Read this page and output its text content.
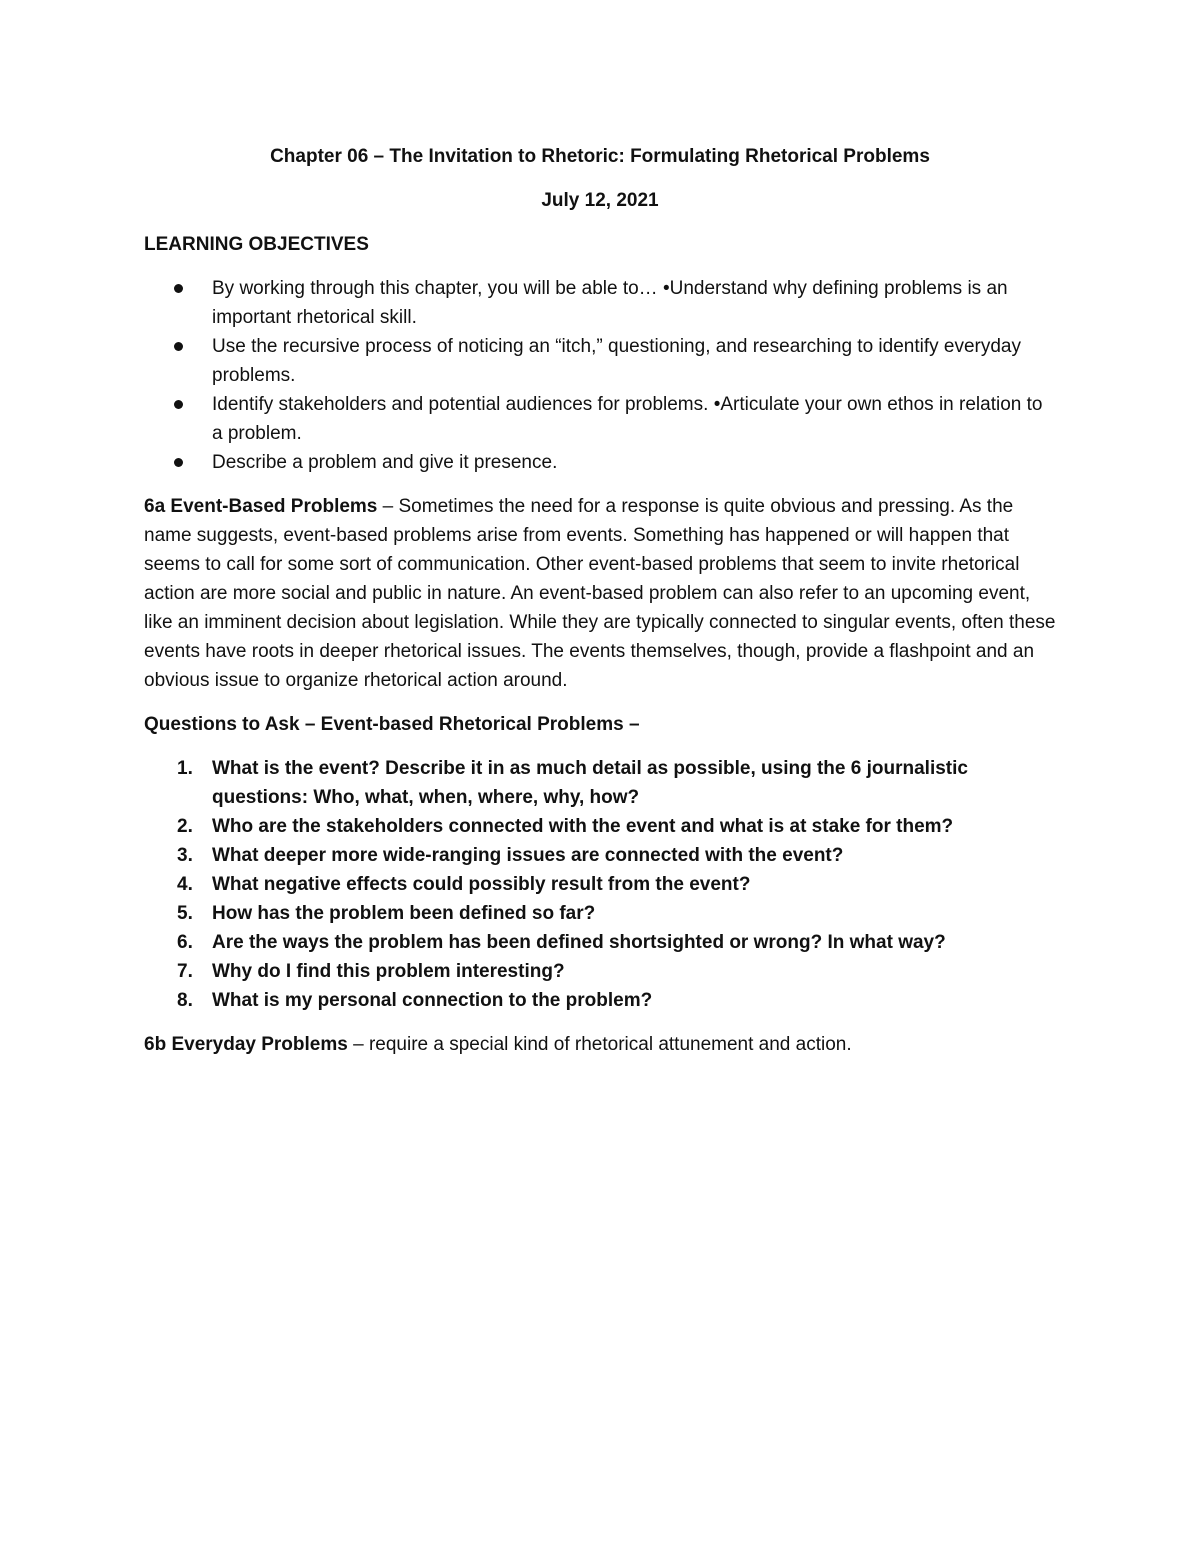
Chapter 06 – The Invitation to Rhetoric: Formulating Rhetorical Problems

July 12, 2021

LEARNING OBJECTIVES

By working through this chapter, you will be able to… •Understand why defining problems is an important rhetorical skill.
Use the recursive process of noticing an “itch,” questioning, and researching to identify everyday problems.
Identify stakeholders and potential audiences for problems. •Articulate your own ethos in relation to a problem.
Describe a problem and give it presence.

6a Event-Based Problems – Sometimes the need for a response is quite obvious and pressing. As the name suggests, event-based problems arise from events. Something has happened or will happen that seems to call for some sort of communication. Other event-based problems that seem to invite rhetorical action are more social and public in nature. An event-based problem can also refer to an upcoming event, like an imminent decision about legislation. While they are typically connected to singular events, often these events have roots in deeper rhetorical issues. The events themselves, though, provide a flashpoint and an obvious issue to organize rhetorical action around.

Questions to Ask – Event-based Rhetorical Problems –

1. What is the event? Describe it in as much detail as possible, using the 6 journalistic questions: Who, what, when, where, why, how?
2. Who are the stakeholders connected with the event and what is at stake for them?
3. What deeper more wide-ranging issues are connected with the event?
4. What negative effects could possibly result from the event?
5. How has the problem been defined so far?
6. Are the ways the problem has been defined shortsighted or wrong? In what way?
7. Why do I find this problem interesting?
8. What is my personal connection to the problem?

6b Everyday Problems – require a special kind of rhetorical attunement and action.
